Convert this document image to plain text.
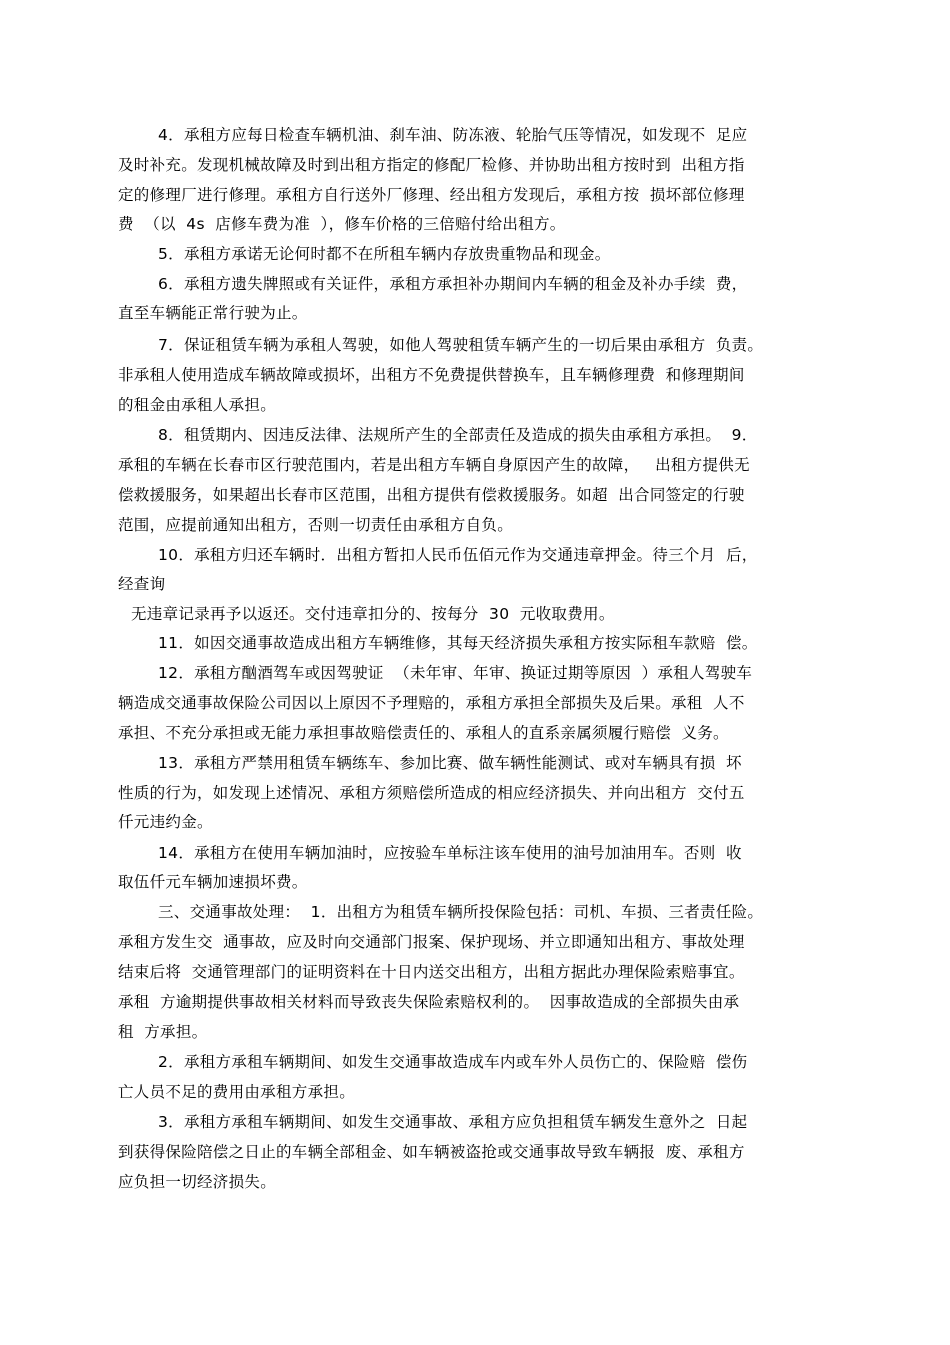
4．承租方应每日检查车辆机油、刹车油、防冻液、轮胎气压等情况，如发现不  足应
及时补充。发现机械故障及时到出租方指定的修配厂检修、并协助出租方按时到  出租方指
定的修理厂进行修理。承租方自行送外厂修理、经出租方发现后，承租方按  损坏部位修理
费  （以  4s  店修车费为准  ），修车价格的三倍赔付给出租方。
5．承租方承诺无论何时都不在所租车辆内存放贵重物品和现金。
6．承租方遗失牌照或有关证件，承租方承担补办期间内车辆的租金及补办手续  费，
直至车辆能正常行驶为止。
7．保证租赁车辆为承租人驾驶，如他人驾驶租赁车辆产生的一切后果由承租方  负责。
非承租人使用造成车辆故障或损坏，出租方不免费提供替换车，且车辆修理费  和修理期间
的租金由承租人承担。
8．租赁期内、因违反法律、法规所产生的全部责任及造成的损失由承租方承担。  9．
承租的车辆在长春市区行驶范围内，若是出租方车辆自身原因产生的故障，   出租方提供无
偿救援服务，如果超出长春市区范围，出租方提供有偿救援服务。如超  出合同签定的行驶
范围，应提前通知出租方，否则一切责任由承租方自负。
10．承租方归还车辆时．出租方暂扣人民币伍佰元作为交通违章押金。待三个月  后，
经查询
无违章记录再予以返还。交付违章扣分的、按每分  30  元收取费用。
11．如因交通事故造成出租方车辆维修，其每天经济损失承租方按实际租车款赔  偿。
12．承租方酗酒驾车或因驾驶证  （未年审、年审、换证过期等原因  ）承租人驾驶车
辆造成交通事故保险公司因以上原因不予理赔的，承租方承担全部损失及后果。承租  人不
承担、不充分承担或无能力承担事故赔偿责任的、承租人的直系亲属须履行赔偿  义务。
13．承租方严禁用租赁车辆练车、参加比赛、做车辆性能测试、或对车辆具有损  坏
性质的行为，如发现上述情况、承租方须赔偿所造成的相应经济损失、并向出租方  交付五
仟元违约金。
14．承租方在使用车辆加油时，应按验车单标注该车使用的油号加油用车。否则  收
取伍仟元车辆加速损坏费。
三、交通事故处理：  1．出租方为租赁车辆所投保险包括：司机、车损、三者责任险。
承租方发生交  通事故，应及时向交通部门报案、保护现场、并立即通知出租方、事故处理
结束后将  交通管理部门的证明资料在十日内送交出租方，出租方据此办理保险索赔事宜。
承租  方逾期提供事故相关材料而导致丧失保险索赔权利的。  因事故造成的全部损失由承
租  方承担。
2．承租方承租车辆期间、如发生交通事故造成车内或车外人员伤亡的、保险赔  偿伤
亡人员不足的费用由承租方承担。
3．承租方承租车辆期间、如发生交通事故、承租方应负担租赁车辆发生意外之  日起
到获得保险陪偿之日止的车辆全部租金、如车辆被盗抢或交通事故导致车辆报  废、承租方
应负担一切经济损失。
